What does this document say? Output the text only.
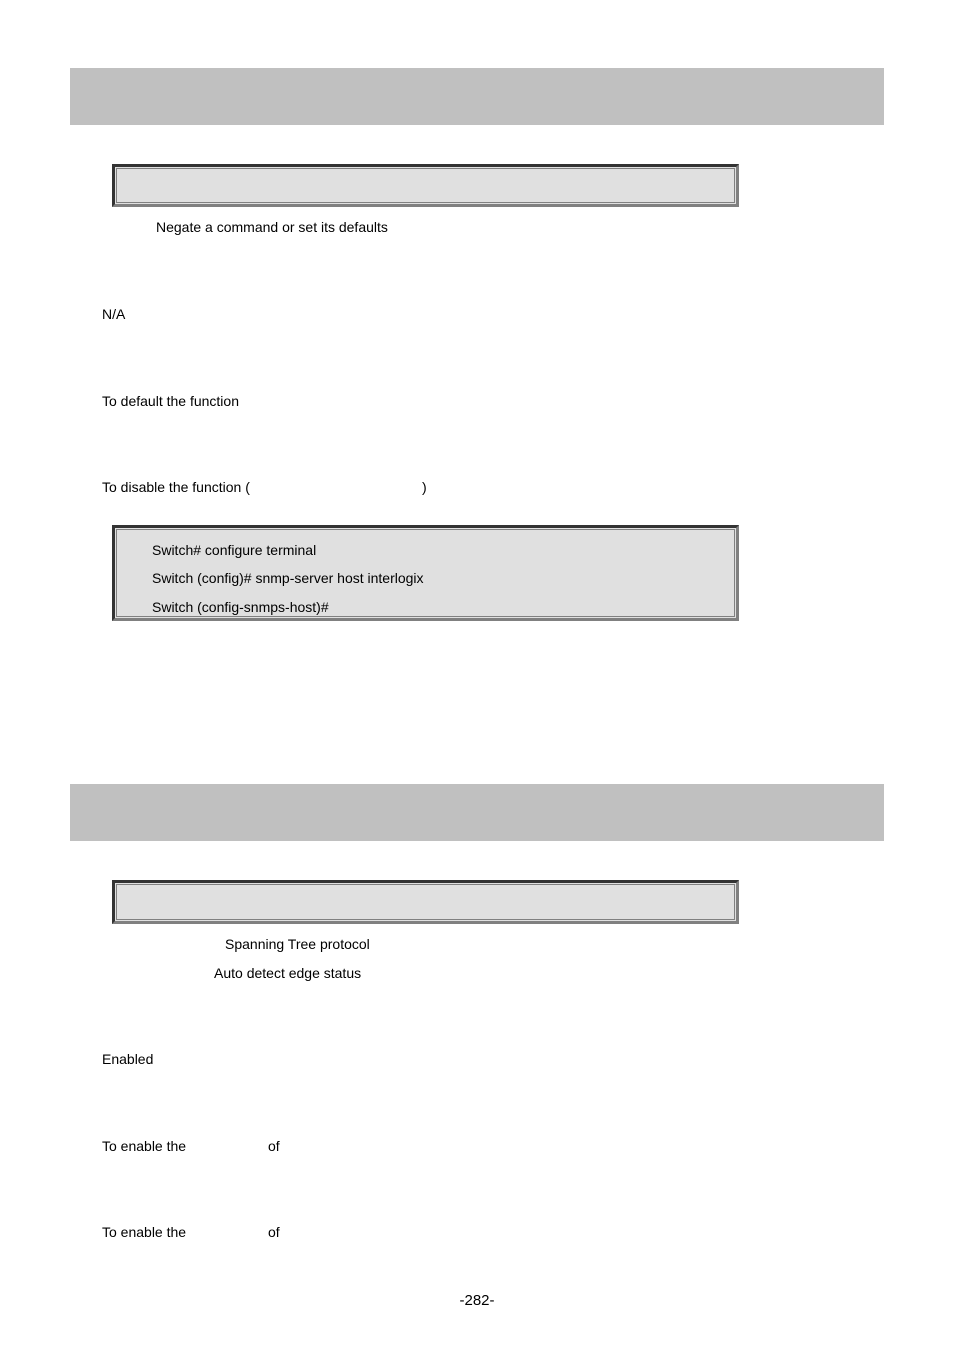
Negate a command or set its defaults
N/A
To default the function
To disable the function (	)
Switch# configure terminal
Switch (config)# snmp-server host interlogix
Switch (config-snmps-host)#
Spanning Tree protocol
Auto detect edge status
Enabled
To enable the	of
To enable the	of
-282-
